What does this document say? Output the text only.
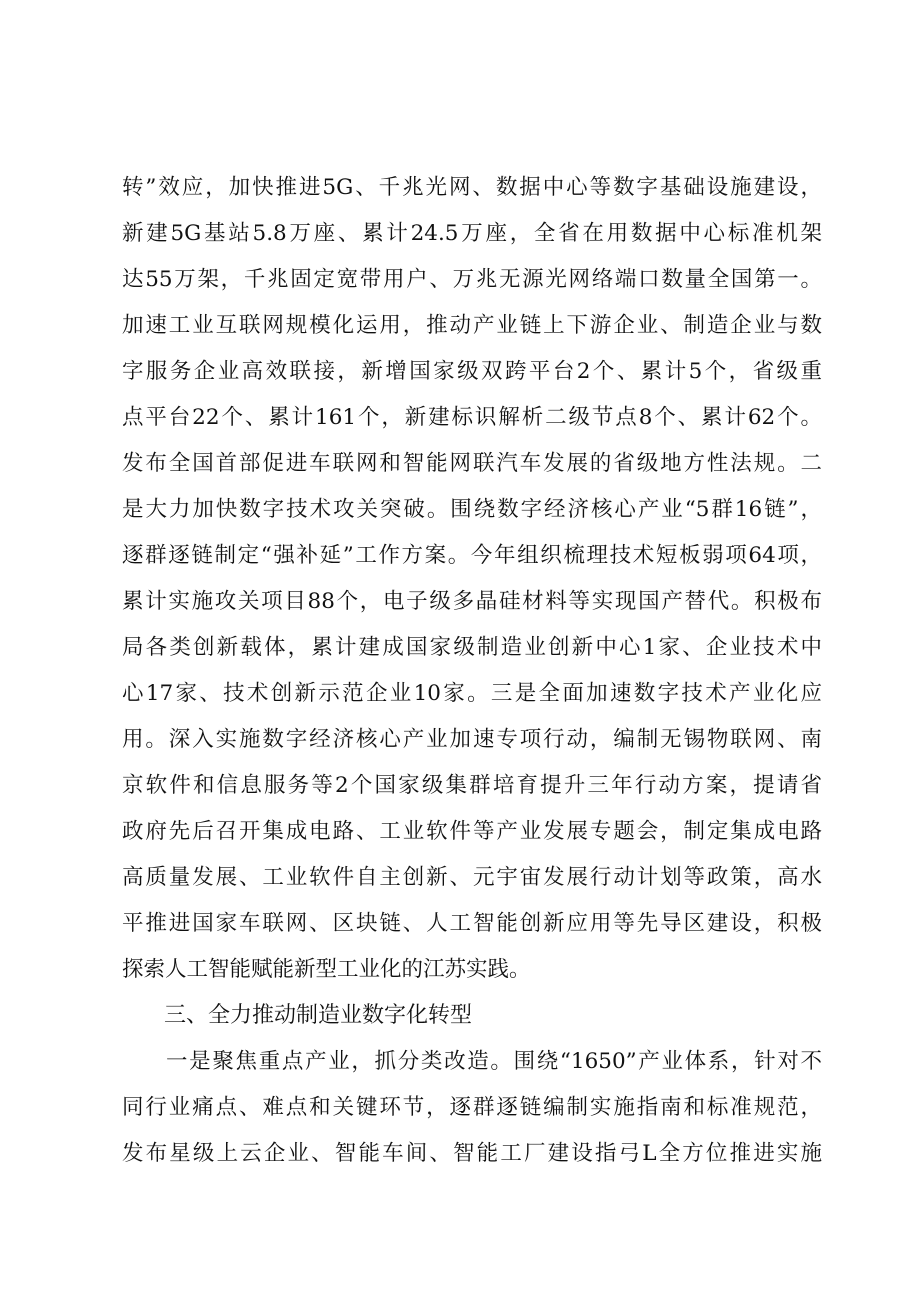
转”效应，加快推进5G、千兆光网、数据中心等数字基础设施建设，
新建5G基站5.8万座、累计24.5万座，全省在用数据中心标准机架
达55万架，千兆固定宽带用户、万兆无源光网络端口数量全国第一。
加速工业互联网规模化运用，推动产业链上下游企业、制造企业与数
字服务企业高效联接，新增国家级双跨平台2个、累计5个，省级重
点平台22个、累计161个，新建标识解析二级节点8个、累计62个。
发布全国首部促进车联网和智能网联汽车发展的省级地方性法规。二
是大力加快数字技术攻关突破。围绕数字经济核心产业“5群16链”，
逐群逐链制定“强补延”工作方案。今年组织梳理技术短板弱项64项，
累计实施攻关项目88个，电子级多晶硅材料等实现国产替代。积极布
局各类创新载体，累计建成国家级制造业创新中心1家、企业技术中
心17家、技术创新示范企业10家。三是全面加速数字技术产业化应
用。深入实施数字经济核心产业加速专项行动，编制无锡物联网、南
京软件和信息服务等2个国家级集群培育提升三年行动方案，提请省
政府先后召开集成电路、工业软件等产业发展专题会，制定集成电路
高质量发展、工业软件自主创新、元宇宙发展行动计划等政策，高水
平推进国家车联网、区块链、人工智能创新应用等先导区建设，积极
探索人工智能赋能新型工业化的江苏实践。
三、全力推动制造业数字化转型
一是聚焦重点产业，抓分类改造。围绕“1650”产业体系，针对不
同行业痛点、难点和关键环节，逐群逐链编制实施指南和标准规范，
发布星级上云企业、智能车间、智能工厂建设指弓L全方位推进实施
